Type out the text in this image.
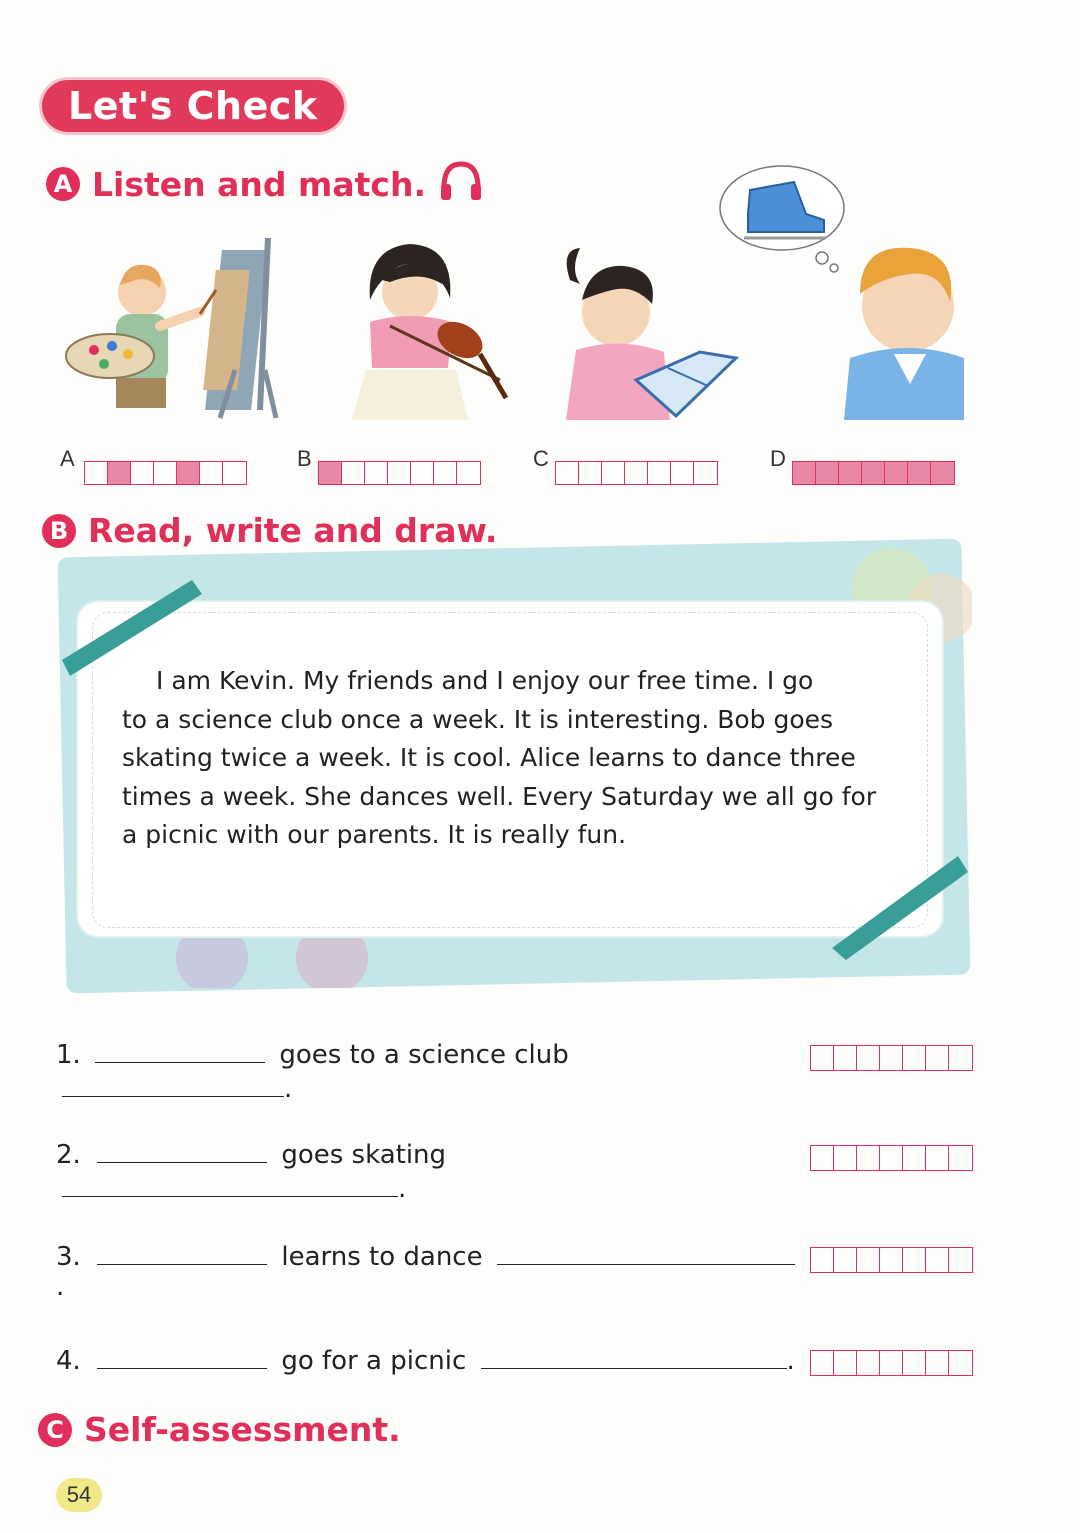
Let's Check
A Listen and match.
A	B	C	D
B Read, write and draw.

I am Kevin. My friends and I enjoy our free time. I go

to a science club once a week. It is interesting. Bob goes

skating twice a week. It is cool. Alice learns to dance three

times a week. She dances well. Every Saturday we all go for

a picnic with our parents. It is really fun.

1.	goes to a science club .
2.	goes skating .
3.	learns to dance .
4.	go for a picnic	.
C Self-assessment.
54
